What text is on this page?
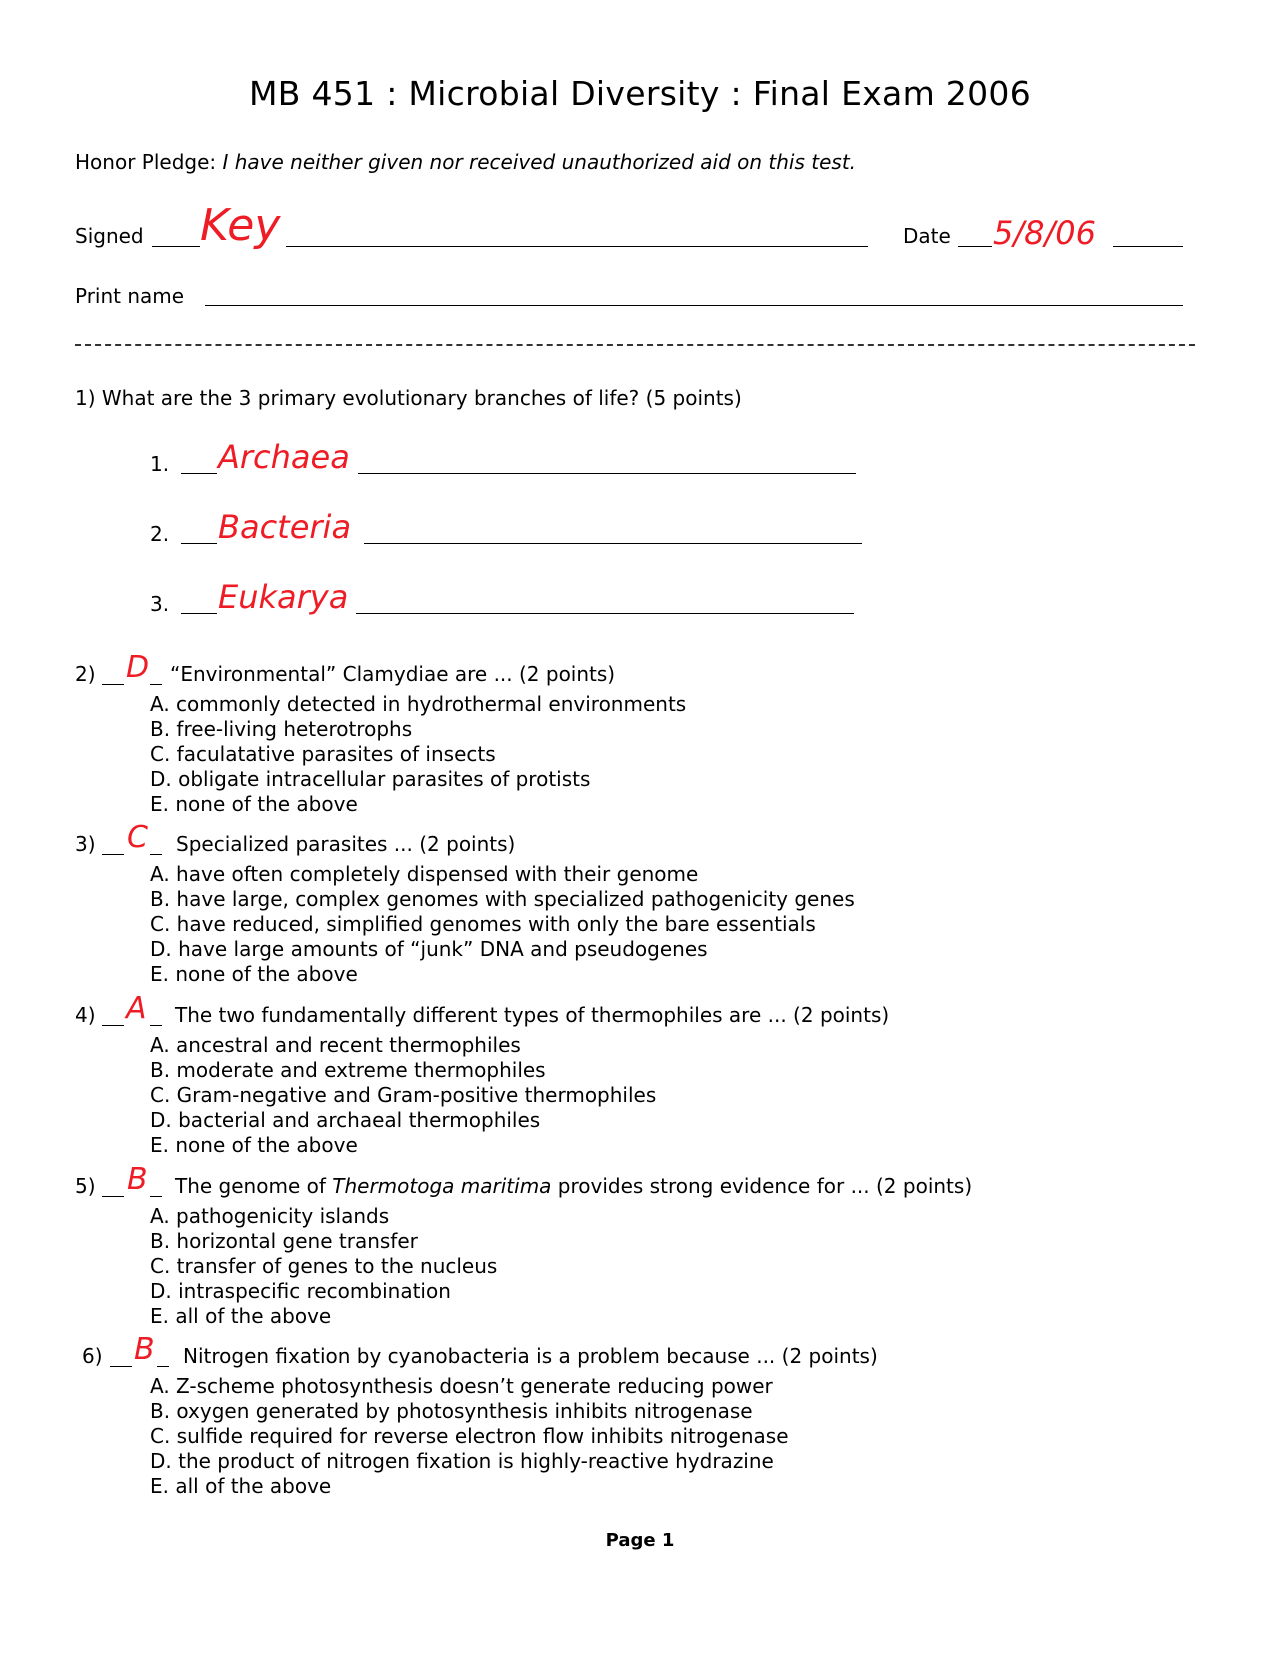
MB 451 : Microbial Diversity : Final Exam 2006
Honor Pledge: I have neither given nor received unauthorized aid on this test.
Signed Key	Date 5/8/06
Print name
1) What are the 3 primary evolutionary branches of life? (5 points)
1. Archaea
2. Bacteria
3. Eukarya
2) D “Environmental” Clamydiae are ... (2 points)
A. commonly detected in hydrothermal environments
B. free-living heterotrophs
C. faculatative parasites of insects
D. obligate intracellular parasites of protists
E. none of the above
3) C Specialized parasites ... (2 points)
A. have often completely dispensed with their genome
B. have large, complex genomes with specialized pathogenicity genes
C. have reduced, simplified genomes with only the bare essentials
D. have large amounts of “junk” DNA and pseudogenes
E. none of the above
4) A The two fundamentally different types of thermophiles are ... (2 points)
A. ancestral and recent thermophiles
B. moderate and extreme thermophiles
C. Gram-negative and Gram-positive thermophiles
D. bacterial and archaeal thermophiles
E. none of the above
5) B The genome of Thermotoga maritima provides strong evidence for ... (2 points)
A. pathogenicity islands
B. horizontal gene transfer
C. transfer of genes to the nucleus
D. intraspecific recombination
E. all of the above
6) B Nitrogen fixation by cyanobacteria is a problem because ... (2 points)
A. Z-scheme photosynthesis doesn’t generate reducing power
B. oxygen generated by photosynthesis inhibits nitrogenase
C. sulfide required for reverse electron flow inhibits nitrogenase
D. the product of nitrogen fixation is highly-reactive hydrazine
E. all of the above
Page 1
